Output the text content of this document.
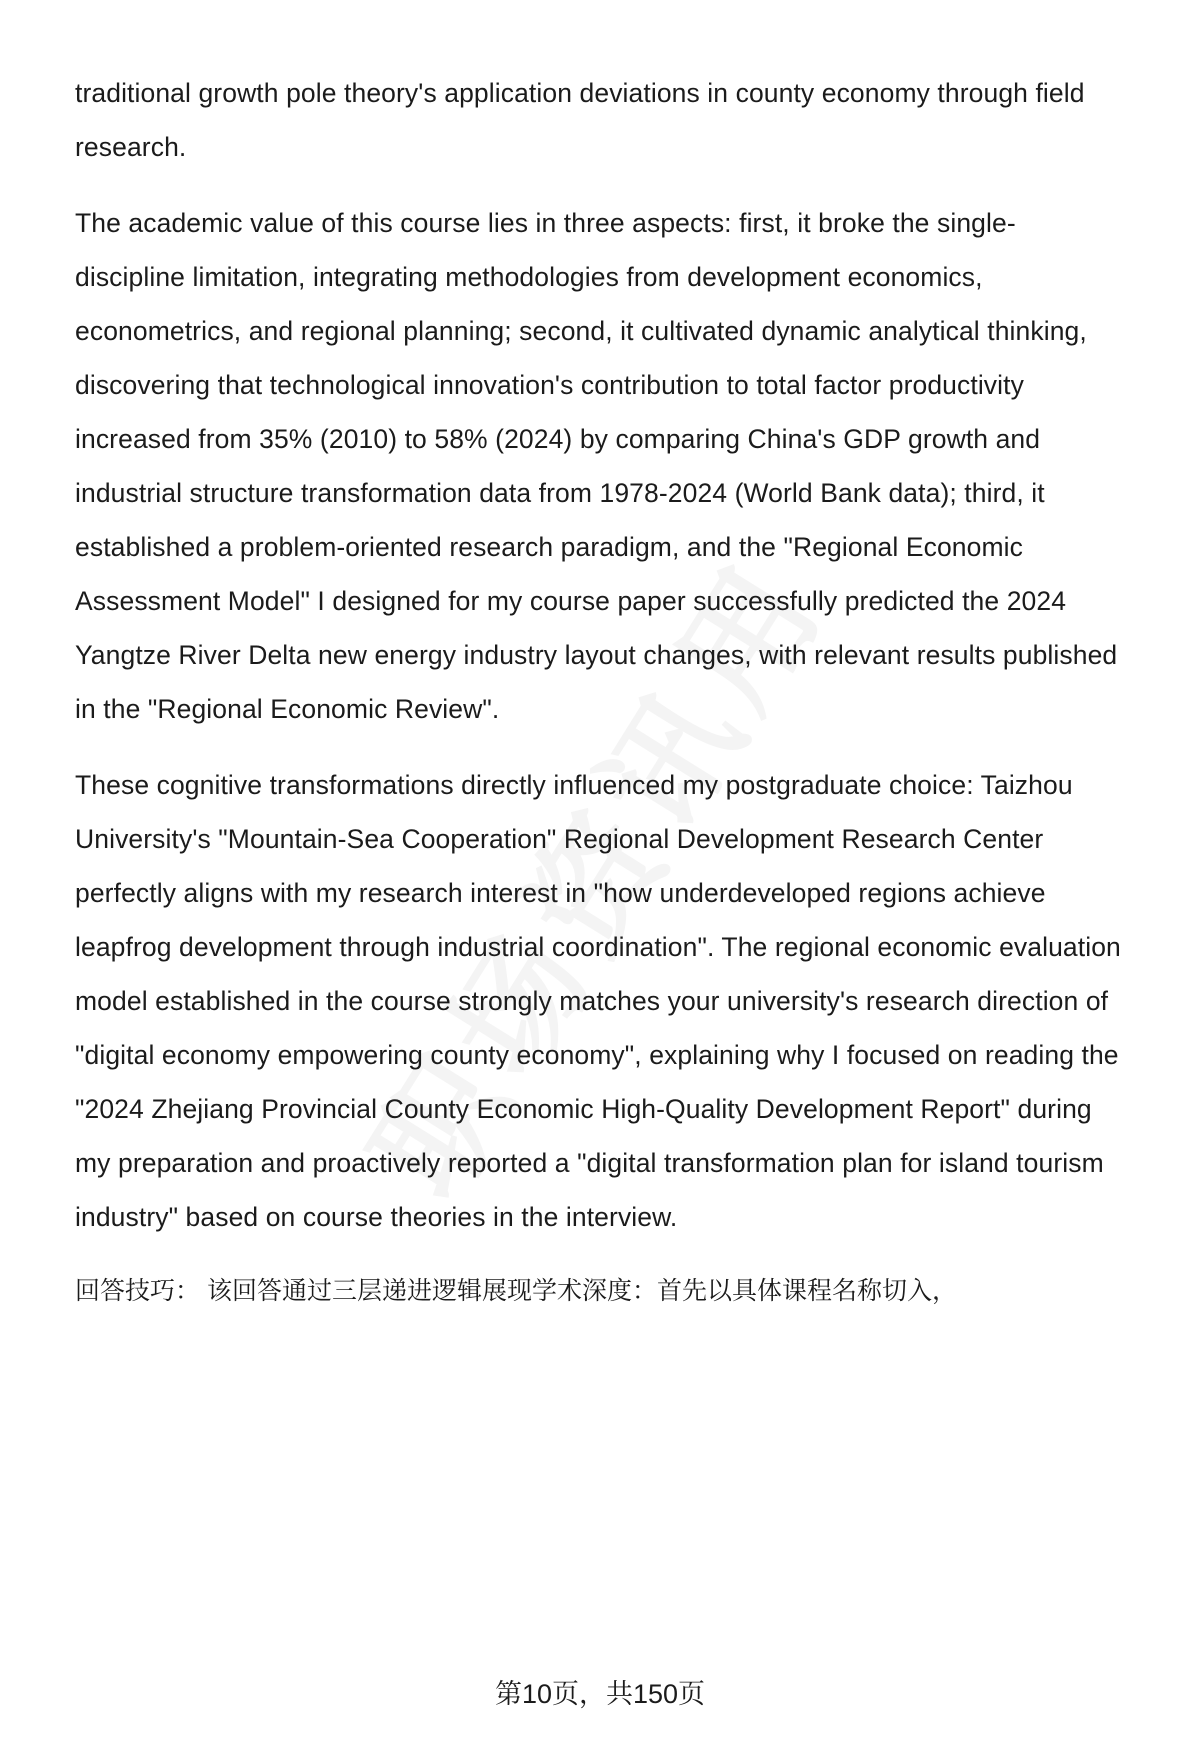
traditional growth pole theory's application deviations in county economy through field research.

The academic value of this course lies in three aspects: first, it broke the single-discipline limitation, integrating methodologies from development economics, econometrics, and regional planning; second, it cultivated dynamic analytical thinking, discovering that technological innovation's contribution to total factor productivity increased from 35% (2010) to 58% (2024) by comparing China's GDP growth and industrial structure transformation data from 1978-2024 (World Bank data); third, it established a problem-oriented research paradigm, and the "Regional Economic Assessment Model" I designed for my course paper successfully predicted the 2024 Yangtze River Delta new energy industry layout changes, with relevant results published in the "Regional Economic Review".

These cognitive transformations directly influenced my postgraduate choice: Taizhou University's "Mountain-Sea Cooperation" Regional Development Research Center perfectly aligns with my research interest in "how underdeveloped regions achieve leapfrog development through industrial coordination". The regional economic evaluation model established in the course strongly matches your university's research direction of "digital economy empowering county economy", explaining why I focused on reading the "2024 Zhejiang Provincial County Economic High-Quality Development Report" during my preparation and proactively reported a "digital transformation plan for island tourism industry" based on course theories in the interview.

回答技巧： 该回答通过三层递进逻辑展现学术深度：首先以具体课程名称切入，

第10页，共150页
